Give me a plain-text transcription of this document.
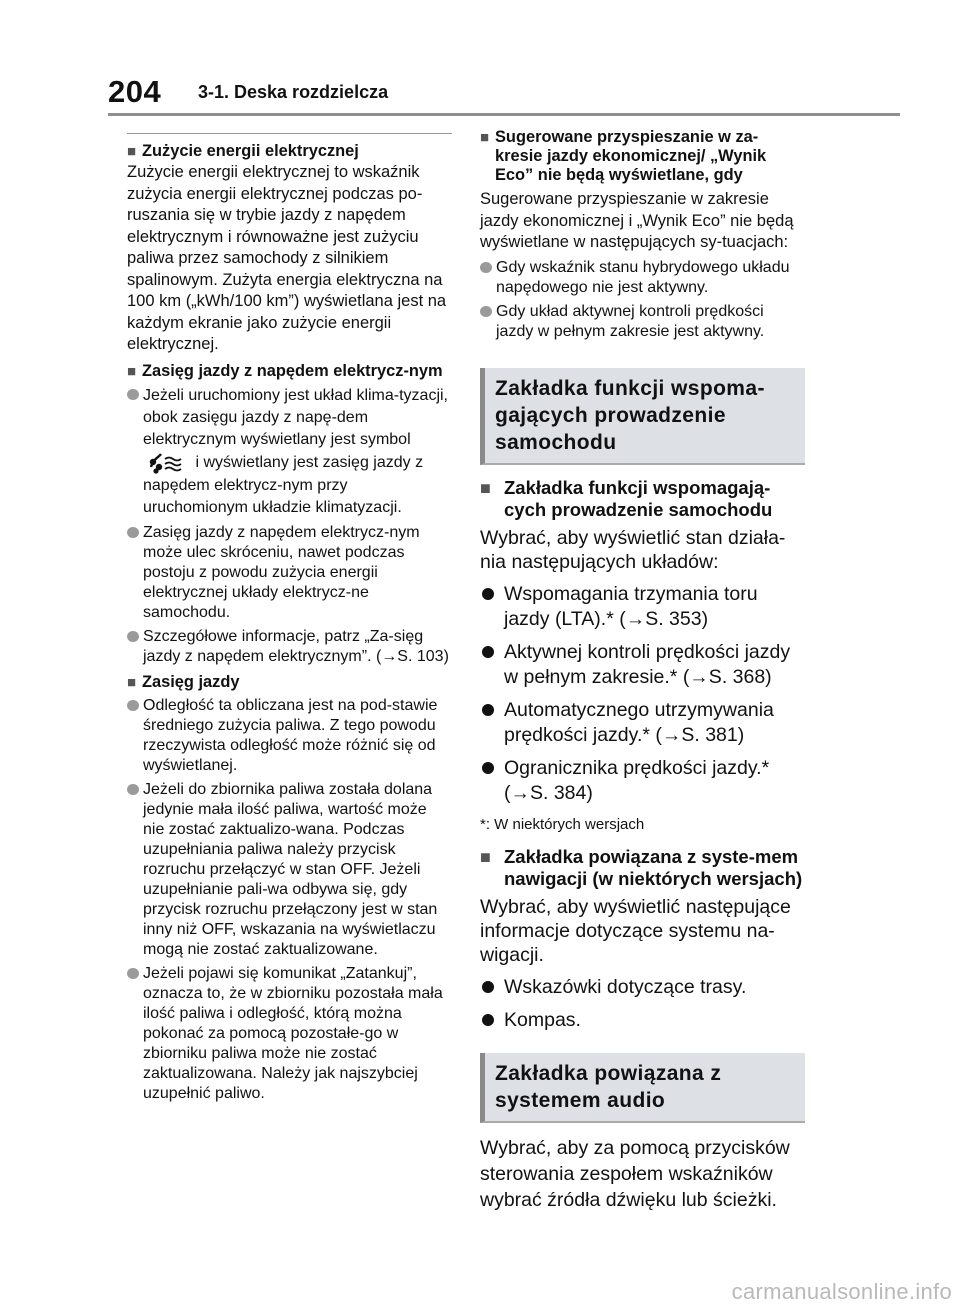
204 3-1. Deska rozdzielcza
■ Zużycie energii elektrycznej
Zużycie energii elektrycznej to wskaźnik zużycia energii elektrycznej podczas po-ruszania się w trybie jazdy z napędem elektrycznym i równoważne jest zużyciu paliwa przez samochody z silnikiem spalinowym. Zużyta energia elektryczna na 100 km („kWh/100 km”) wyświetlana jest na każdym ekranie jako zużycie energii elektrycznej.
■ Zasięg jazdy z napędem elektrycz-nym
Jeżeli uruchomiony jest układ klima-tyzacji, obok zasięgu jazdy z napę-dem elektrycznym wyświetlany jest symbol  i wyświetlany jest zasięg jazdy z napędem elektrycz-nym przy uruchomionym układzie klimatyzacji.
Zasięg jazdy z napędem elektrycz-nym może ulec skróceniu, nawet podczas postoju z powodu zużycia energii elektrycznej układy elektrycz-ne samochodu.
Szczegółowe informacje, patrz „Za-sięg jazdy z napędem elektrycznym”. (→S. 103)
■ Zasięg jazdy
Odległość ta obliczana jest na pod-stawie średniego zużycia paliwa. Z tego powodu rzeczywista odległość może różnić się od wyświetlanej.
Jeżeli do zbiornika paliwa została dolana jedynie mała ilość paliwa, wartość może nie zostać zaktualizo-wana. Podczas uzupełniania paliwa należy przycisk rozruchu przełączyć w stan OFF. Jeżeli uzupełnianie pali-wa odbywa się, gdy przycisk rozruchu przełączony jest w stan inny niż OFF, wskazania na wyświetlaczu mogą nie zostać zaktualizowane.
Jeżeli pojawi się komunikat „Zatankuj”, oznacza to, że w zbiorniku pozostała mała ilość paliwa i odległość, którą można pokonać za pomocą pozostałe-go w zbiorniku paliwa może nie zostać zaktualizowana. Należy jak najszybciej uzupełnić paliwo.
■ Sugerowane przyspieszanie w za-kresie jazdy ekonomicznej/ „Wynik Eco” nie będą wyświetlane, gdy
Sugerowane przyspieszanie w zakresie jazdy ekonomicznej i „Wynik Eco” nie będą wyświetlane w następujących sy-tuacjach:
Gdy wskaźnik stanu hybrydowego układu napędowego nie jest aktywny.
Gdy układ aktywnej kontroli prędkości jazdy w pełnym zakresie jest aktywny.
Zakładka funkcji wspoma-gających prowadzenie samochodu
■ Zakładka funkcji wspomagają-cych prowadzenie samochodu
Wybrać, aby wyświetlić stan działa-nia następujących układów:
Wspomagania trzymania toru jazdy (LTA).* (→S. 353)
Aktywnej kontroli prędkości jazdy w pełnym zakresie.* (→S. 368)
Automatycznego utrzymywania prędkości jazdy.* (→S. 381)
Ogranicznika prędkości jazdy.* (→S. 384)
*: W niektórych wersjach
■ Zakładka powiązana z syste-mem nawigacji (w niektórych wersjach)
Wybrać, aby wyświetlić następujące informacje dotyczące systemu na-wigacji.
Wskazówki dotyczące trasy.
Kompas.
Zakładka powiązana z systemem audio
Wybrać, aby za pomocą przycisków sterowania zespołem wskaźników wybrać źródła dźwięku lub ścieżki.
carmanualsonline.info
